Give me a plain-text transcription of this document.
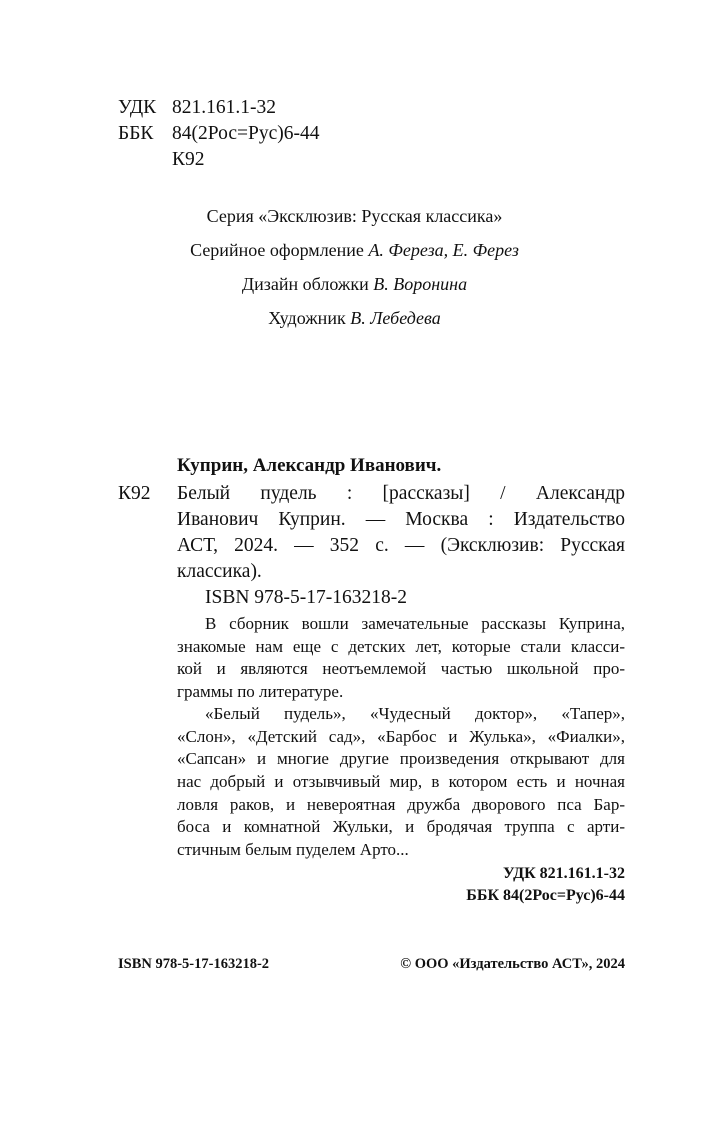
УДК 821.161.1-32
ББК 84(2Рос=Рус)6-44
К92
Серия «Эксклюзив: Русская классика»
Серийное оформление А. Фереза, Е. Ферез
Дизайн обложки В. Воронина
Художник В. Лебедева
Куприн, Александр Иванович.
К92 Белый пудель : [рассказы] / Александр
Иванович Куприн. — Москва : Издательство
АСТ, 2024. — 352 с. — (Эксклюзив: Русская
классика).
ISBN 978-5-17-163218-2
В сборник вошли замечательные рассказы Куприна,
знакомые нам еще с детских лет, которые стали класси-
кой и являются неотъемлемой частью школьной про-
граммы по литературе.
«Белый пудель», «Чудесный доктор», «Тапер»,
«Слон», «Детский сад», «Барбос и Жулька», «Фиалки»,
«Сапсан» и многие другие произведения открывают для
нас добрый и отзывчивый мир, в котором есть и ночная
ловля раков, и невероятная дружба дворового пса Бар-
боса и комнатной Жульки, и бродячая труппа с арти-
стичным белым пуделем Арто...
УДК 821.161.1-32
ББК 84(2Рос=Рус)6-44
ISBN 978-5-17-163218-2	© ООО «Издательство АСТ», 2024
